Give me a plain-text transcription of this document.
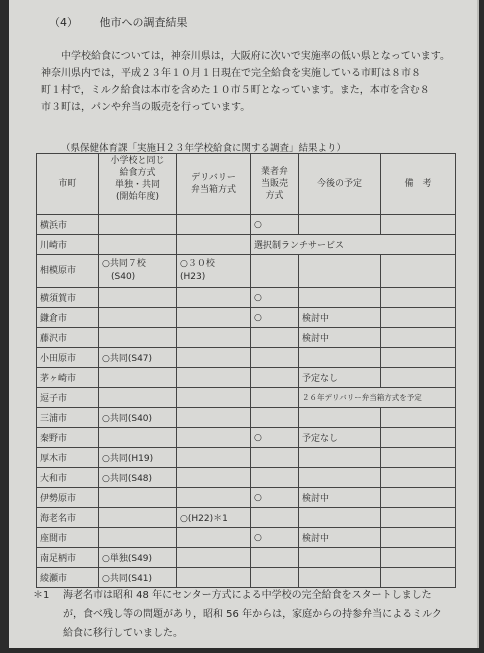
（4） 他市への調査結果

中学校給食については，神奈川県は，大阪府に次いで実施率の低い県となっています。

神奈川県内では，平成２３年１０月１日現在で完全給食を実施している市町は８市８

町１村で，ミルク給食は本市を含めた１０市５町となっています。また，本市を含む８

市３町は，パンや弁当の販売を行っています。

（県保健体育課「実施Ｈ２３年学校給食に関する調査」結果より）
市町	小学校と同じ
給食方式
単独・共同
(開始年度)	デリバリー
弁当箱方式	業者弁
当販売
方式	今後の予定	備　考
横浜市			○		
川崎市			選択制ランチサービス		
相模原市	○共同７校
　(S40)	○３０校
(H23)			
横須賀市			○		
鎌倉市			○	検討中	
藤沢市				検討中	
小田原市	○共同(S47)				
茅ヶ崎市				予定なし	
逗子市				２６年デリバリー弁当箱方式を予定	
三浦市	○共同(S40)				
秦野市			○	予定なし	
厚木市	○共同(H19)				
大和市	○共同(S48)				
伊勢原市			○	検討中	
海老名市		○(H22)＊1			
座間市			○	検討中	
南足柄市	○単独(S49)				
綾瀬市	○共同(S41)				
＊1	海老名市は昭和 48 年にセンター方式による中学校の完全給食をスタートしました

が，食べ残し等の問題があり，昭和 56 年からは，家庭からの持参弁当によるミルク

給食に移行していました。
